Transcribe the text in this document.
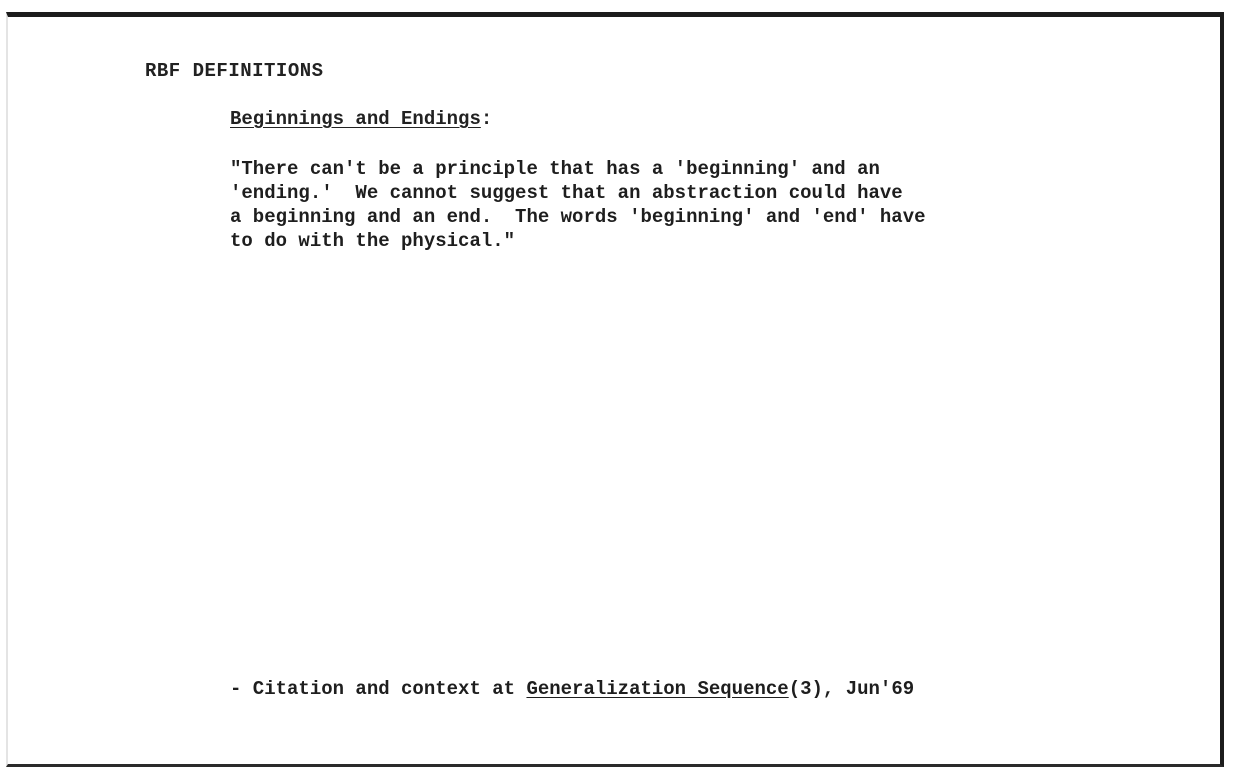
RBF DEFINITIONS

Beginnings and Endings:

"There can't be a principle that has a 'beginning' and an
'ending.'  We cannot suggest that an abstraction could have
a beginning and an end.  The words 'beginning' and 'end' have
to do with the physical."

- Citation and context at Generalization Sequence(3), Jun'69
